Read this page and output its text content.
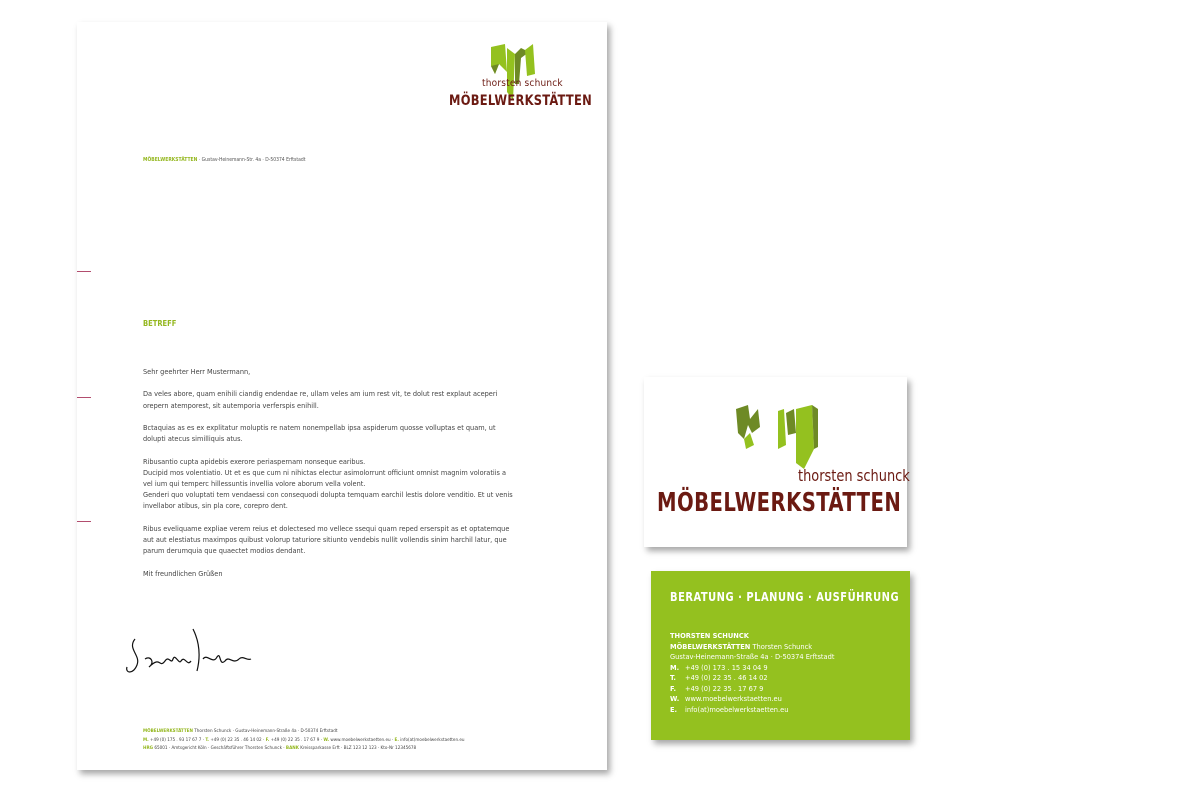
thorsten schunck
MÖBELWERKSTÄTTEN
MÖBELWERKSTÄTTEN · Gustav-Heinemann-Str. 4a · D-50374 Erftstadt
BETREFF

Sehr geehrter Herr Mustermann,

Da veles abore, quam enihili ciandig endendae re, ullam veles am ium rest vit, te dolut rest explaut aceperi orepern atemporest, sit autemporia verferspis enihill.

Bctaquias as es ex explitatur moluptis re natem nonempellab ipsa aspiderum quosse volluptas et quam, ut dolupti atecus similliquis atus.

Ribusantio cupta apidebis exerore periaspernam nonseque earibus.

Ducipid mos volentiatio. Ut et es que cum ni nihictas electur asimolorrunt officiunt omnist magnim voloratiis a vel ium qui temperc hillessuntis invellia volore aborum vella volent.

Genderi quo voluptati tem vendaessi con consequodi dolupta temquam earchil lestis dolore venditio. Et ut venis invellabor atibus, sin pla core, corepro dent.

Ribus eveliquame expliae verem reius et dolectesed mo vellece ssequi quam reped erserspit as et optatemque aut aut elestiatus maximpos quibust volorup taturiore sitiunto vendebis nullit vollendis sinim harchil latur, que parum derumquia que quaectet modios dendant.

Mit freundlichen Grüßen

MÖBELWERKSTÄTTEN Thorsten Schunck · Gustav-Heinemann-Straße 4a · D-50374 Erftstadt
M. +49 (0) 175 . 93 17 67 7 · T. +49 (0) 22 35 . 46 14 02 · F. +49 (0) 22 35 . 17 67 9 · W. www.moebelwerkstaetten.eu · E. info(at)moebelwerkstaetten.eu
HRG 65001 · Amtsgericht Köln · Geschäftsführer Thorsten Schunck · BANK Kreissparkasse Erft · BLZ 123 12 123 · Kto-Nr 12345678
thorsten schunck
MÖBELWERKSTÄTTEN
BERATUNG · PLANUNG · AUSFÜHRUNG
THORSTEN SCHUNCK
MÖBELWERKSTÄTTEN Thorsten Schunck
Gustav-Heinemann-Straße 4a · D-50374 Erftstadt
M. +49 (0) 173 . 15 34 04 9
T. +49 (0) 22 35 . 46 14 02
F. +49 (0) 22 35 . 17 67 9
W. www.moebelwerkstaetten.eu
E. info(at)moebelwerkstaetten.eu
